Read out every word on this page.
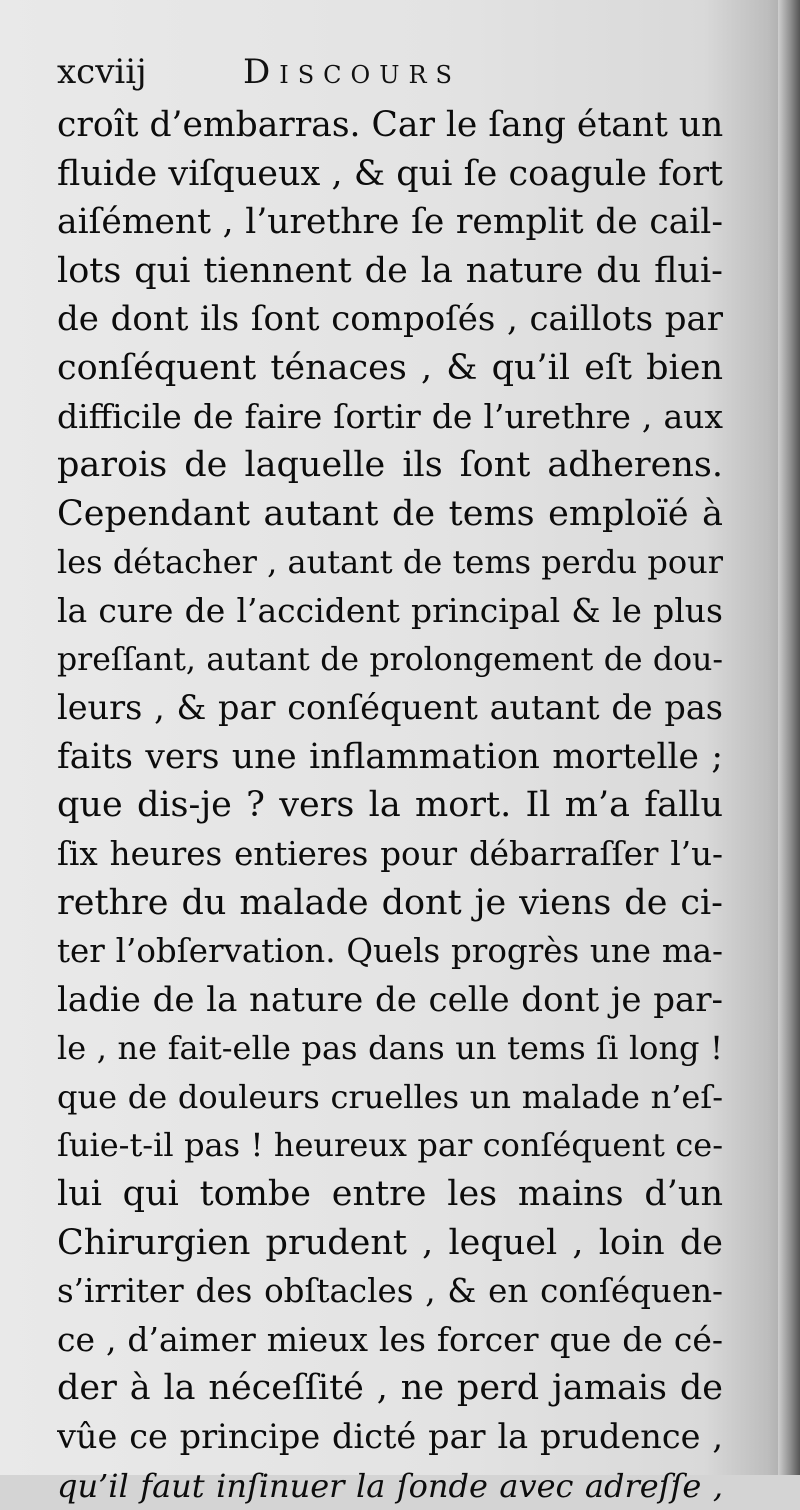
xcviij	Discours
croît d’embarras. Car le ſang étant un
fluide viſqueux , & qui ſe coagule fort
aiſément , l’urethre ſe remplit de cail-
lots qui tiennent de la nature du flui-
de dont ils ſont compoſés , caillots par
conſéquent ténaces , & qu’il eſt bien
difficile de faire ſortir de l’urethre , aux
parois de laquelle ils ſont adherens.
Cependant autant de tems emploïé à
les détacher , autant de tems perdu pour
la cure de l’accident principal & le plus
preſſant, autant de prolongement de dou-
leurs , & par conſéquent autant de pas
faits vers une inflammation mortelle ;
que dis-je ? vers la mort. Il m’a fallu
ſix heures entieres pour débarraſſer l’u-
rethre du malade dont je viens de ci-
ter l’obſervation. Quels progrès une ma-
ladie de la nature de celle dont je par-
le , ne fait-elle pas dans un tems ſi long !
que de douleurs cruelles un malade n’eſ-
ſuie-t-il pas ! heureux par conſéquent ce-
lui qui tombe entre les mains d’un
Chirurgien prudent , lequel , loin de
s’irriter des obſtacles , & en conſéquen-
ce , d’aimer mieux les forcer que de cé-
der à la néceſſité , ne perd jamais de
vûe ce principe dicté par la prudence ,
qu’il faut inſinuer la ſonde avec adreſſe ,
